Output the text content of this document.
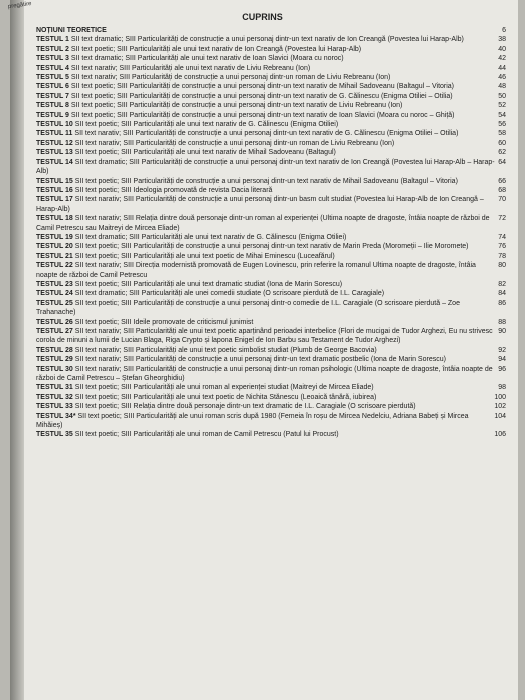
pregătire
CUPRINS
6
NOȚIUNI TEORETICE
38
TESTUL 1 SII text dramatic; SIII Particularități de construcție a unui personaj dintr-un text narativ de Ion Creangă (Povestea lui Harap-Alb)
40
TESTUL 2 SII text poetic; SIII Particularități ale unui text narativ de Ion Creangă (Povestea lui Harap-Alb)
42
TESTUL 3 SII text dramatic; SIII Particularități ale unui text narativ de Ioan Slavici (Moara cu noroc)
44
TESTUL 4 SII text narativ; SIII Particularități ale unui text narativ de Liviu Rebreanu (Ion)
46
TESTUL 5 SII text narativ; SIII Particularități de construcție a unui personaj dintr-un roman de Liviu Rebreanu (Ion)
48
TESTUL 6 SII text poetic; SIII Particularități de construcție a unui personaj dintr-un text narativ de Mihail Sadoveanu (Baltagul – Vitoria)
50
TESTUL 7 SII text poetic; SIII Particularități de construcție a unui personaj dintr-un text narativ de G. Călinescu (Enigma Otiliei – Otilia)
52
TESTUL 8 SII text poetic; SIII Particularități de construcție a unui personaj dintr-un text narativ de Liviu Rebreanu (Ion)
54
TESTUL 9 SII text poetic; SIII Particularități de construcție a unui personaj dintr-un text narativ de Ioan Slavici (Moara cu noroc – Ghiță)
56
TESTUL 10 SII text poetic; SIII Particularități ale unui text narativ de G. Călinescu (Enigma Otiliei)
58
TESTUL 11 SII text narativ; SIII Particularități de construcție a unui personaj dintr-un text narativ de G. Călinescu (Enigma Otiliei – Otilia)
60
TESTUL 12 SII text narativ; SIII Particularități de construcție a unui personaj dintr-un roman de Liviu Rebreanu (Ion)
62
TESTUL 13 SII text poetic; SIII Particularități ale unui text narativ de Mihail Sadoveanu (Baltagul)
64
TESTUL 14 SII text dramatic; SIII Particularități de construcție a unui personaj dintr-un text narativ de Ion Creangă (Povestea lui Harap-Alb – Harap-Alb)
66
TESTUL 15 SII text poetic; SIII Particularități de construcție a unui personaj dintr-un text narativ de Mihail Sadoveanu (Baltagul – Vitoria)
68
TESTUL 16 SII text poetic; SIII Ideologia promovată de revista Dacia literară
70
TESTUL 17 SII text narativ; SIII Particularități de construcție a unui personaj dintr-un basm cult studiat (Povestea lui Harap-Alb de Ion Creangă – Harap-Alb)
72
TESTUL 18 SII text narativ; SIII Relația dintre două personaje dintr-un roman al experienței (Ultima noapte de dragoste, întâia noapte de război de Camil Petrescu sau Maitreyi de Mircea Eliade)
74
TESTUL 19 SII text dramatic; SIII Particularități ale unui text narativ de G. Călinescu (Enigma Otiliei)
76
TESTUL 20 SII text poetic; SIII Particularități de construcție a unui personaj dintr-un text narativ de Marin Preda (Moromeții – Ilie Moromete)
78
TESTUL 21 SII text poetic; SIII Particularități ale unui text poetic de Mihai Eminescu (Luceafărul)
80
TESTUL 22 SII text narativ; SIII Direcția modernistă promovată de Eugen Lovinescu, prin referire la romanul Ultima noapte de dragoste, întâia noapte de război de Camil Petrescu
82
TESTUL 23 SII text poetic; SIII Particularități ale unui text dramatic studiat (Iona de Marin Sorescu)
84
TESTUL 24 SII text dramatic; SIII Particularități ale unei comedii studiate (O scrisoare pierdută de I.L. Caragiale)
86
TESTUL 25 SII text poetic; SIII Particularități de construcție a unui personaj dintr-o comedie de I.L. Caragiale (O scrisoare pierdută – Zoe Trahanache)
88
TESTUL 26 SII text poetic; SIII Ideile promovate de criticismul junimist
90
TESTUL 27 SII text narativ; SIII Particularități ale unui text poetic aparținând perioadei interbelice (Flori de mucigai de Tudor Arghezi, Eu nu strivesc corola de minuni a lumii de Lucian Blaga, Riga Crypto și lapona Enigel de Ion Barbu sau Testament de Tudor Arghezi)
92
TESTUL 28 SII text narativ; SIII Particularități ale unui text poetic simbolist studiat (Plumb de George Bacovia)
94
TESTUL 29 SII text narativ; SIII Particularități de construcție a unui personaj dintr-un text dramatic postbelic (Iona de Marin Sorescu)
96
TESTUL 30 SII text narativ; SIII Particularități de construcție a unui personaj dintr-un roman psihologic (Ultima noapte de dragoste, întâia noapte de război de Camil Petrescu – Ștefan Gheorghidiu)
98
TESTUL 31 SII text poetic; SIII Particularități ale unui roman al experienței studiat (Maitreyi de Mircea Eliade)
100
TESTUL 32 SII text poetic; SIII Particularități ale unui text poetic de Nichita Stănescu (Leoaică tânără, iubirea)
102
TESTUL 33 SII text poetic; SIII Relația dintre două personaje dintr-un text dramatic de I.L. Caragiale (O scrisoare pierdută)
104
TESTUL 34* SII text poetic; SIII Particularități ale unui roman scris după 1980 (Femeia în roșu de Mircea Nedelciu, Adriana Babeți și Mircea Mihăieș)
106
TESTUL 35 SII text poetic; SIII Particularități ale unui roman de Camil Petrescu (Patul lui Procust)
